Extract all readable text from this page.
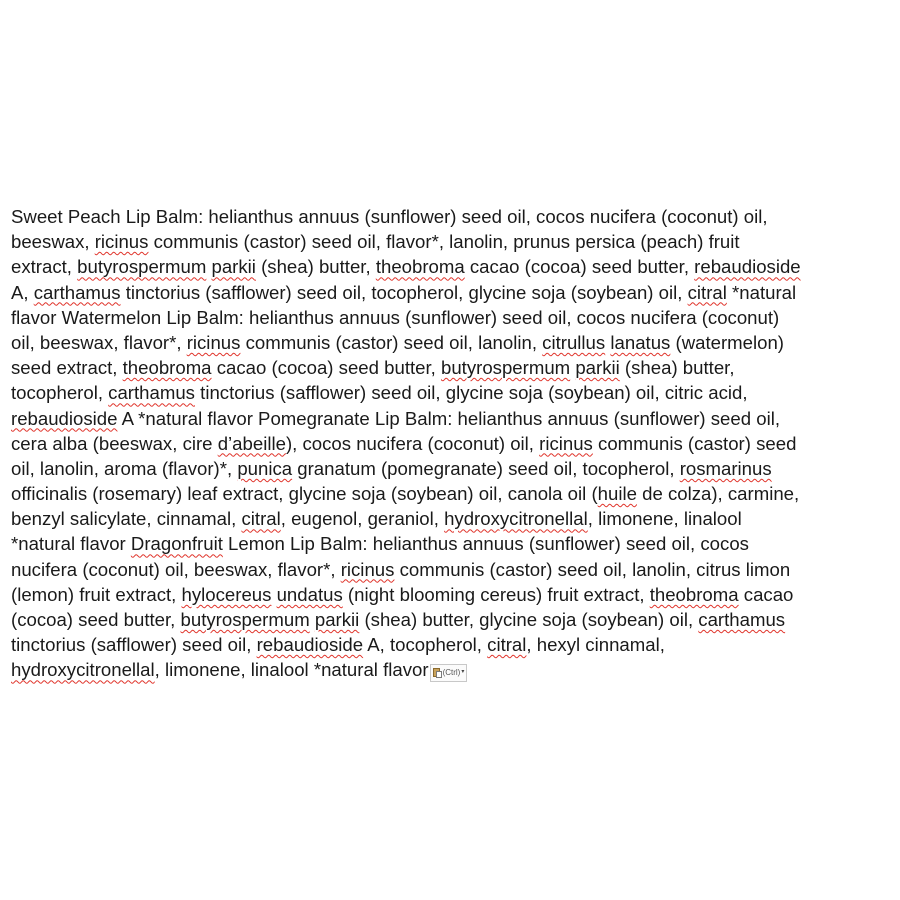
Sweet Peach Lip Balm: helianthus annuus (sunflower) seed oil, cocos nucifera (coconut) oil,
beeswax, ricinus communis (castor) seed oil, flavor*, lanolin, prunus persica (peach) fruit
extract, butyrospermum parkii (shea) butter, theobroma cacao (cocoa) seed butter, rebaudioside
A, carthamus tinctorius (safflower) seed oil, tocopherol, glycine soja (soybean) oil, citral *natural
flavor Watermelon Lip Balm: helianthus annuus (sunflower) seed oil, cocos nucifera (coconut)
oil, beeswax, flavor*, ricinus communis (castor) seed oil, lanolin, citrullus lanatus (watermelon)
seed extract, theobroma cacao (cocoa) seed butter, butyrospermum parkii (shea) butter,
tocopherol, carthamus tinctorius (safflower) seed oil, glycine soja (soybean) oil, citric acid,
rebaudioside A *natural flavor Pomegranate Lip Balm: helianthus annuus (sunflower) seed oil,
cera alba (beeswax, cire d’abeille), cocos nucifera (coconut) oil, ricinus communis (castor) seed
oil, lanolin, aroma (flavor)*, punica granatum (pomegranate) seed oil, tocopherol, rosmarinus
officinalis (rosemary) leaf extract, glycine soja (soybean) oil, canola oil (huile de colza), carmine,
benzyl salicylate, cinnamal, citral, eugenol, geraniol, hydroxycitronellal, limonene, linalool
*natural flavor Dragonfruit Lemon Lip Balm: helianthus annuus (sunflower) seed oil, cocos
nucifera (coconut) oil, beeswax, flavor*, ricinus communis (castor) seed oil, lanolin, citrus limon
(lemon) fruit extract, hylocereus undatus (night blooming cereus) fruit extract, theobroma cacao
(cocoa) seed butter, butyrospermum parkii (shea) butter, glycine soja (soybean) oil, carthamus
tinctorius (safflower) seed oil, rebaudioside A, tocopherol, citral, hexyl cinnamal,
hydroxycitronellal, limonene, linalool *natural flavor (Ctrl) ▾
